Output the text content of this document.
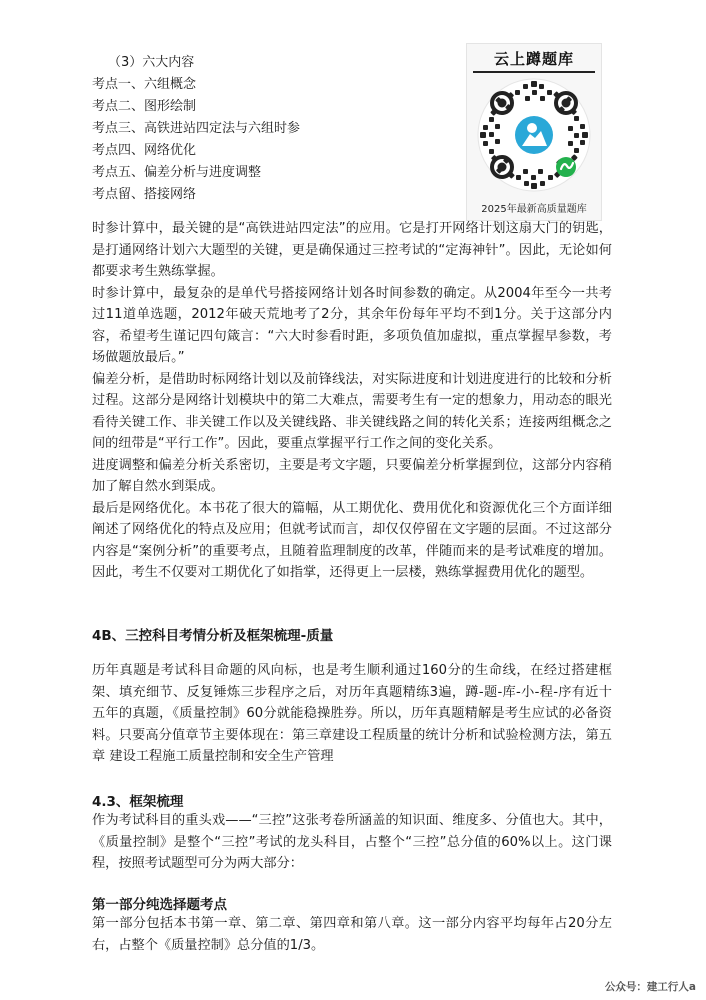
（3）六大内容
考点一、六组概念
考点二、图形绘制
考点三、高铁进站四定法与六组时参
考点四、网络优化
考点五、偏差分析与进度调整
考点留、搭接网络
云上蹲题库
2025年最新高质量题库

时参计算中，最关键的是“高铁进站四定法”的应用。它是打开网络计划这扇大门的钥匙，是打通网络计划六大题型的关键，更是确保通过三控考试的“定海神针”。因此，无论如何都要求考生熟练掌握。

时参计算中，最复杂的是单代号搭接网络计划各时间参数的确定。从2004年至今一共考过11道单选题，2012年破天荒地考了2分，其余年份每年平均不到1分。关于这部分内容，希望考生谨记四句箴言：“六大时参看时距，多项负值加虚拟，重点掌握早参数，考场做题放最后。”

偏差分析，是借助时标网络计划以及前锋线法，对实际进度和计划进度进行的比较和分析过程。这部分是网络计划模块中的第二大难点，需要考生有一定的想象力，用动态的眼光看待关键工作、非关键工作以及关键线路、非关键线路之间的转化关系；连接两组概念之间的纽带是“平行工作”。因此，要重点掌握平行工作之间的变化关系。

进度调整和偏差分析关系密切，主要是考文字题，只要偏差分析掌握到位，这部分内容稍加了解自然水到渠成。

最后是网络优化。本书花了很大的篇幅，从工期优化、费用优化和资源优化三个方面详细阐述了网络优化的特点及应用；但就考试而言，却仅仅停留在文字题的层面。不过这部分内容是“案例分析”的重要考点，且随着监理制度的改革，伴随而来的是考试难度的增加。因此，考生不仅要对工期优化了如指掌，还得更上一层楼，熟练掌握费用优化的题型。

4B、三控科目考情分析及框架梳理-质量
历年真题是考试科目命题的风向标，也是考生顺利通过160分的生命线，在经过搭建框架、填充细节、反复锤炼三步程序之后，对历年真题精练3遍，蹲-题-库-小-程-序有近十五年的真题，《质量控制》60分就能稳操胜券。所以，历年真题精解是考生应试的必备资料。只要高分值章节主要体现在：第三章建设工程质量的统计分析和试验检测方法，第五章 建设工程施工质量控制和安全生产管理
4.3、框架梳理
作为考试科目的重头戏——“三控”这张考卷所涵盖的知识面、维度多、分值也大。其中，《质量控制》是整个“三控”考试的龙头科目，占整个“三控”总分值的60%以上。这门课程，按照考试题型可分为两大部分：
第一部分纯选择题考点
第一部分包括本书第一章、第二章、第四章和第八章。这一部分内容平均每年占20分左右，占整个《质量控制》总分值的1/3。
公众号：建工行人a
